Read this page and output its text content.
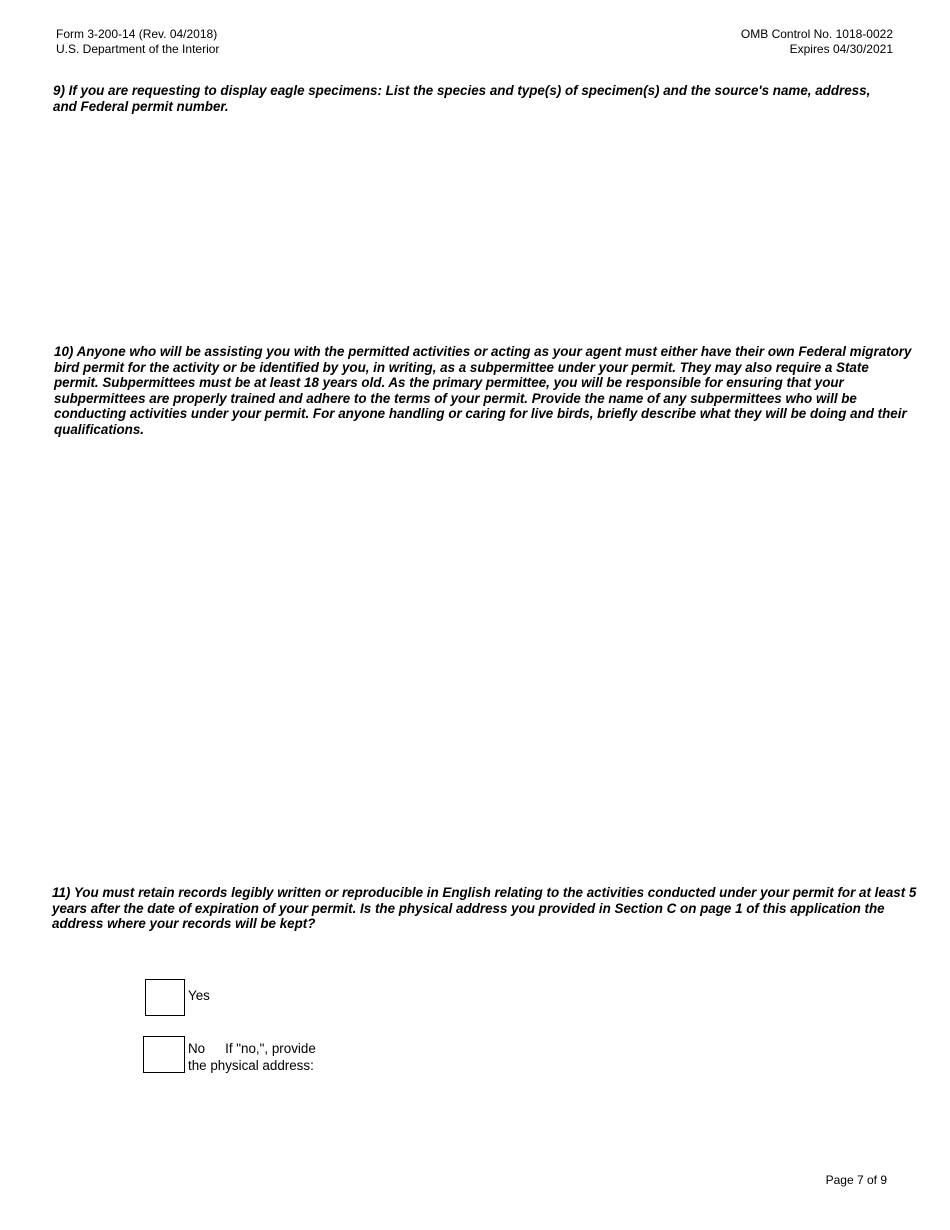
Form 3-200-14 (Rev. 04/2018)
U.S. Department of the Interior
OMB Control No. 1018-0022
Expires 04/30/2021
9) If you are requesting to display eagle specimens: List the species and type(s) of specimen(s) and the source's name, address, and Federal permit number.
10) Anyone who will be assisting you with the permitted activities or acting as your agent must either have their own Federal migratory bird permit for the activity or be identified by you, in writing, as a subpermittee under your permit. They may also require a State permit. Subpermittees must be at least 18 years old. As the primary permittee, you will be responsible for ensuring that your subpermittees are properly trained and adhere to the terms of your permit. Provide the name of any subpermittees who will be conducting activities under your permit. For anyone handling or caring for live birds, briefly describe what they will be doing and their qualifications.
11) You must retain records legibly written or reproducible in English relating to the activities conducted under your permit for at least 5 years after the date of expiration of your permit. Is the physical address you provided in Section C on page 1 of this application the address where your records will be kept?
Yes
No If "no,", provide
the physical address:
Page 7 of 9
